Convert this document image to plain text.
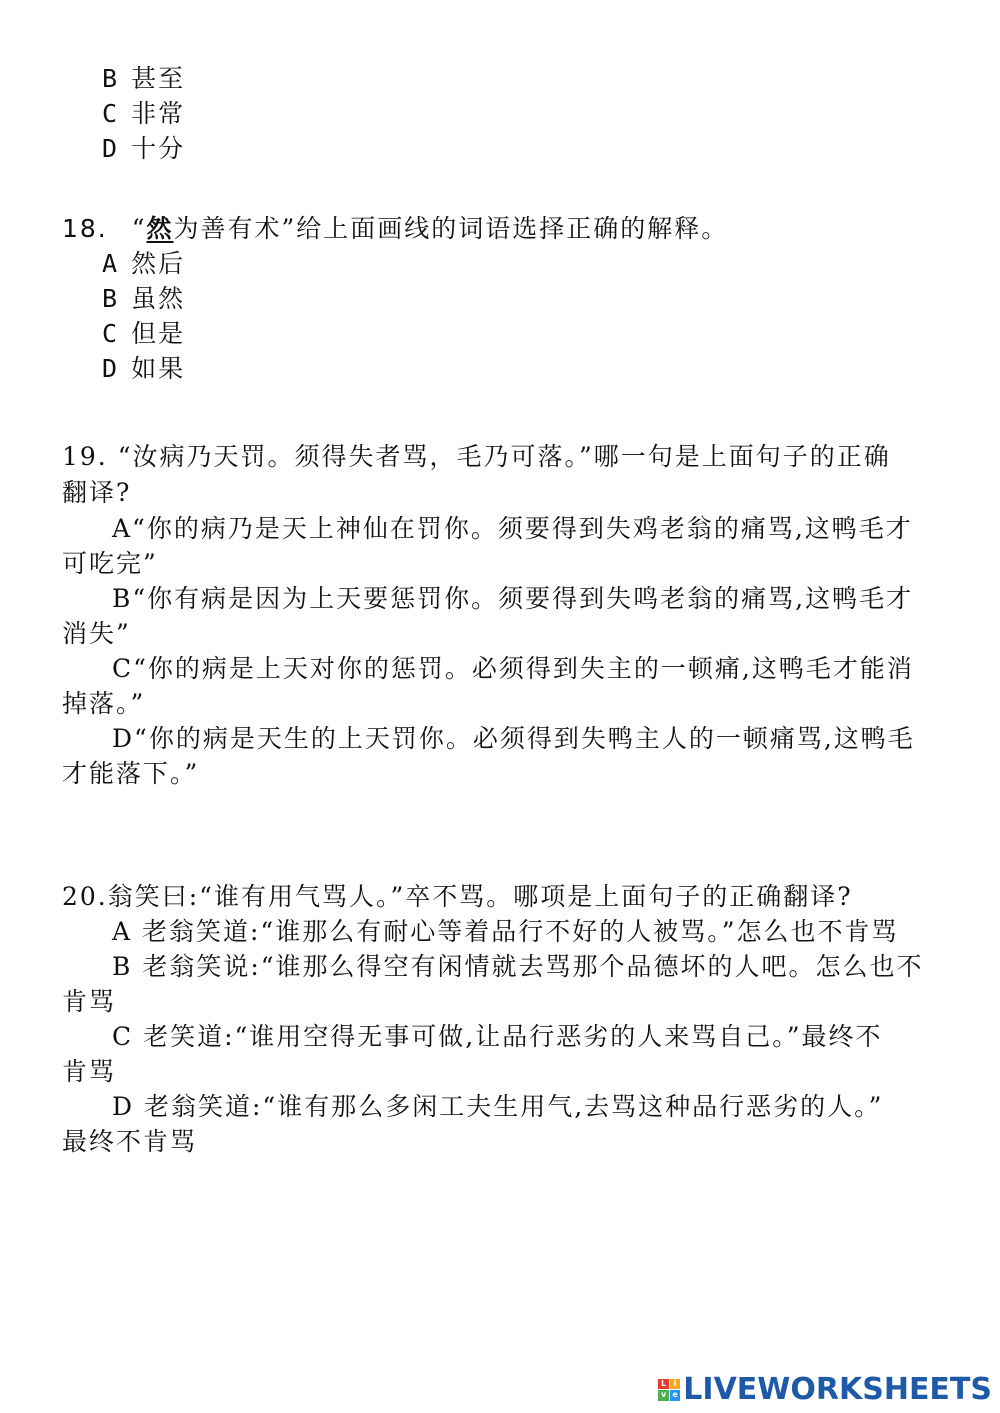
B 甚至
C 非常
D 十分
18. “然为善有术”给上面画线的词语选择正确的解释。
A 然后
B 虽然
C 但是
D 如果
19. “汝病乃天罚。须得失者骂，毛乃可落。”哪一句是上面句子的正确
翻译?
A“你的病乃是天上神仙在罚你。须要得到失鸡老翁的痛骂,这鸭毛才
可吃完”
B“你有病是因为上天要惩罚你。须要得到失鸣老翁的痛骂,这鸭毛才
消失”
C“你的病是上天对你的惩罚。必须得到失主的一顿痛,这鸭毛才能消
掉落。”
D“你的病是天生的上天罚你。必须得到失鸭主人的一顿痛骂,这鸭毛
才能落下。”
20.翁笑曰:“谁有用气骂人。”卒不骂。哪项是上面句子的正确翻译?
A 老翁笑道:“谁那么有耐心等着品行不好的人被骂。”怎么也不肯骂
B 老翁笑说:“谁那么得空有闲情就去骂那个品德坏的人吧。怎么也不
肯骂
C 老笑道:“谁用空得无事可做,让品行恶劣的人来骂自己。”最终不
肯骂
D 老翁笑道:“谁有那么多闲工夫生用气,去骂这种品行恶劣的人。”
最终不肯骂
L i
v e LIVEWORKSHEETS
